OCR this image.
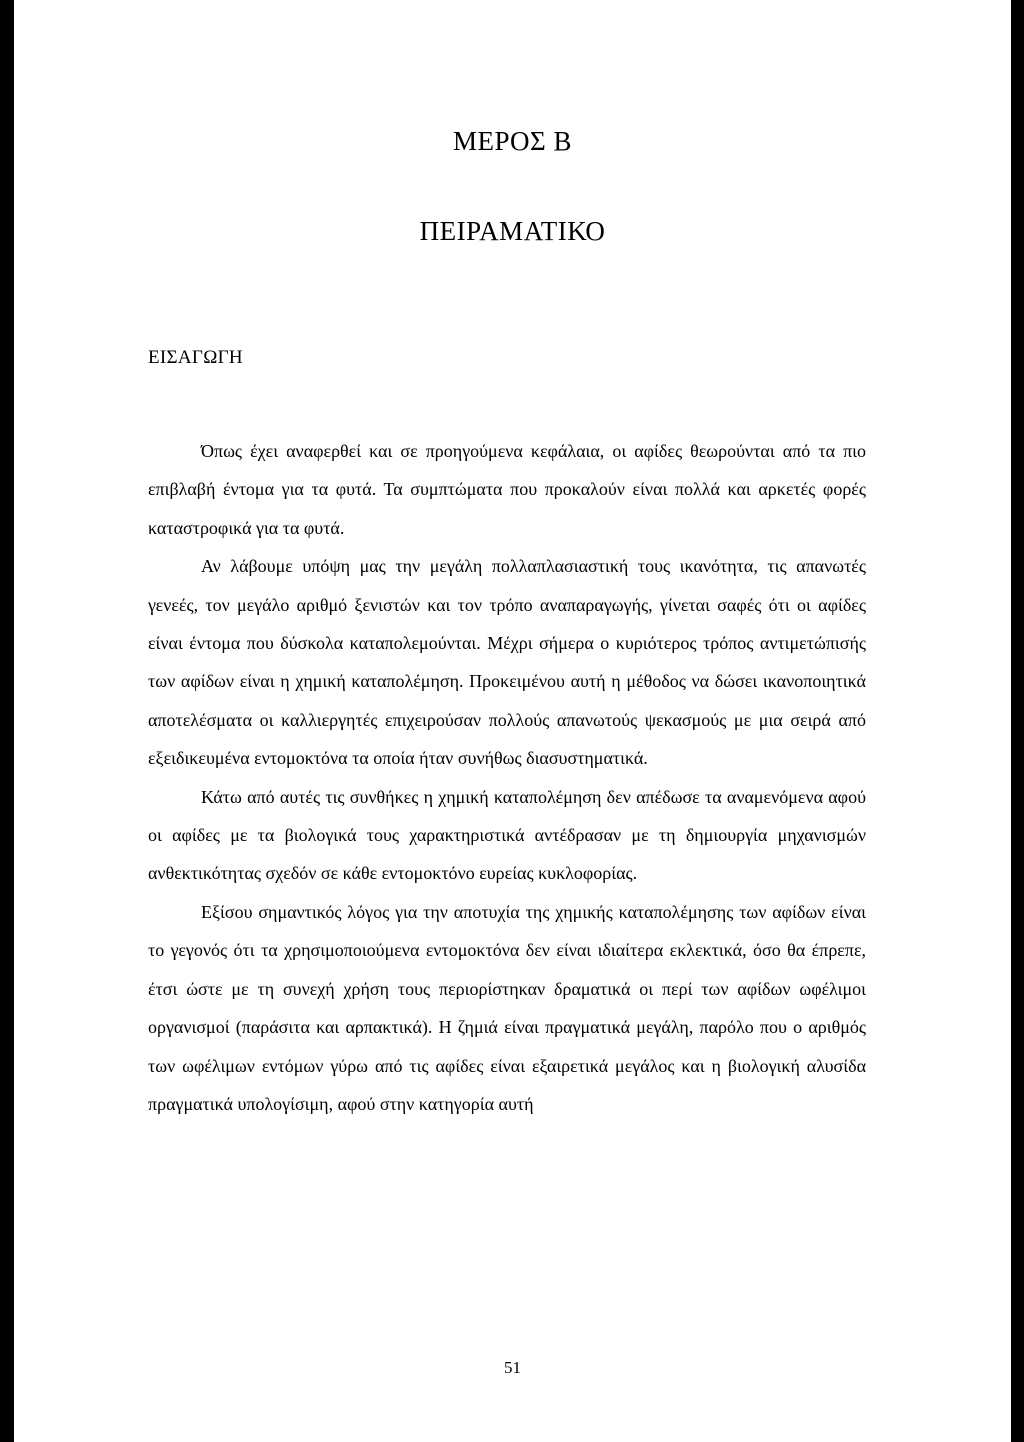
ΜΕΡΟΣ Β
ΠΕΙΡΑΜΑΤΙΚΟ
ΕΙΣΑΓΩΓΗ

Όπως έχει αναφερθεί και σε προηγούμενα κεφάλαια, οι αφίδες θεωρούνται από τα πιο επιβλαβή έντομα για τα φυτά. Τα συμπτώματα που προκαλούν είναι πολλά και αρκετές φορές καταστροφικά για τα φυτά.

Αν λάβουμε υπόψη μας την μεγάλη πολλαπλασιαστική τους ικανότητα, τις απανωτές γενεές, τον μεγάλο αριθμό ξενιστών και τον τρόπο αναπαραγωγής, γίνεται σαφές ότι οι αφίδες είναι έντομα που δύσκολα καταπολεμούνται. Μέχρι σήμερα ο κυριότερος τρόπος αντιμετώπισής των αφίδων είναι η χημική καταπολέμηση. Προκειμένου αυτή η μέθοδος να δώσει ικανοποιητικά αποτελέσματα οι καλλιεργητές επιχειρούσαν πολλούς απανωτούς ψεκασμούς με μια σειρά από εξειδικευμένα εντομοκτόνα τα οποία ήταν συνήθως διασυστηματικά.

Κάτω από αυτές τις συνθήκες η χημική καταπολέμηση δεν απέδωσε τα αναμενόμενα αφού οι αφίδες με τα βιολογικά τους χαρακτηριστικά αντέδρασαν με τη δημιουργία μηχανισμών ανθεκτικότητας σχεδόν σε κάθε εντομοκτόνο ευρείας κυκλοφορίας.

Εξίσου σημαντικός λόγος για την αποτυχία της χημικής καταπολέμησης των αφίδων είναι το γεγονός ότι τα χρησιμοποιούμενα εντομοκτόνα δεν είναι ιδιαίτερα εκλεκτικά, όσο θα έπρεπε, έτσι ώστε με τη συνεχή χρήση τους περιορίστηκαν δραματικά οι περί των αφίδων ωφέλιμοι οργανισμοί (παράσιτα και αρπακτικά). Η ζημιά είναι πραγματικά μεγάλη, παρόλο που ο αριθμός των ωφέλιμων εντόμων γύρω από τις αφίδες είναι εξαιρετικά μεγάλος και η βιολογική αλυσίδα πραγματικά υπολογίσιμη, αφού στην κατηγορία αυτή

51
